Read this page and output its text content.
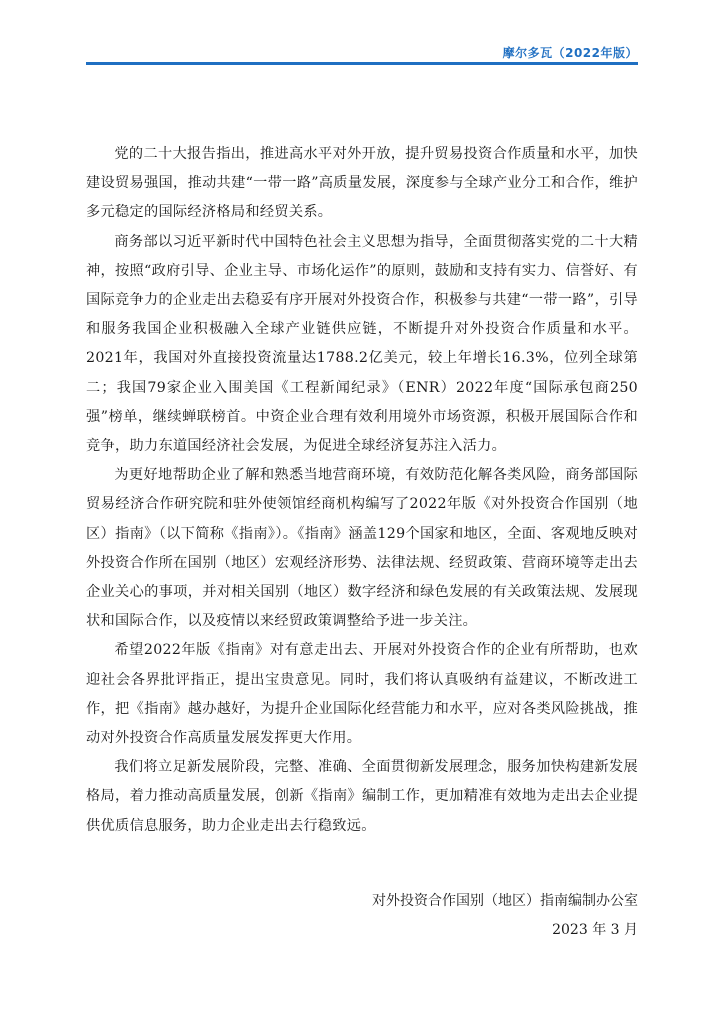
摩尔多瓦（2022年版）

党的二十大报告指出，推进高水平对外开放，提升贸易投资合作质量和水平，加快建设贸易强国，推动共建“一带一路”高质量发展，深度参与全球产业分工和合作，维护多元稳定的国际经济格局和经贸关系。

商务部以习近平新时代中国特色社会主义思想为指导，全面贯彻落实党的二十大精神，按照“政府引导、企业主导、市场化运作”的原则，鼓励和支持有实力、信誉好、有国际竞争力的企业走出去稳妥有序开展对外投资合作，积极参与共建“一带一路”，引导和服务我国企业积极融入全球产业链供应链，不断提升对外投资合作质量和水平。2021年，我国对外直接投资流量达1788.2亿美元，较上年增长16.3%，位列全球第二；我国79家企业入围美国《工程新闻纪录》（ENR）2022年度“国际承包商250强”榜单，继续蝉联榜首。中资企业合理有效利用境外市场资源，积极开展国际合作和竞争，助力东道国经济社会发展，为促进全球经济复苏注入活力。

为更好地帮助企业了解和熟悉当地营商环境，有效防范化解各类风险，商务部国际贸易经济合作研究院和驻外使领馆经商机构编写了2022年版《对外投资合作国别（地区）指南》（以下简称《指南》）。《指南》涵盖129个国家和地区，全面、客观地反映对外投资合作所在国别（地区）宏观经济形势、法律法规、经贸政策、营商环境等走出去企业关心的事项，并对相关国别（地区）数字经济和绿色发展的有关政策法规、发展现状和国际合作，以及疫情以来经贸政策调整给予进一步关注。

希望2022年版《指南》对有意走出去、开展对外投资合作的企业有所帮助，也欢迎社会各界批评指正，提出宝贵意见。同时，我们将认真吸纳有益建议，不断改进工作，把《指南》越办越好，为提升企业国际化经营能力和水平，应对各类风险挑战，推动对外投资合作高质量发展发挥更大作用。

我们将立足新发展阶段，完整、准确、全面贯彻新发展理念，服务加快构建新发展格局，着力推动高质量发展，创新《指南》编制工作，更加精准有效地为走出去企业提供优质信息服务，助力企业走出去行稳致远。

对外投资合作国别（地区）指南编制办公室
2023 年 3 月
